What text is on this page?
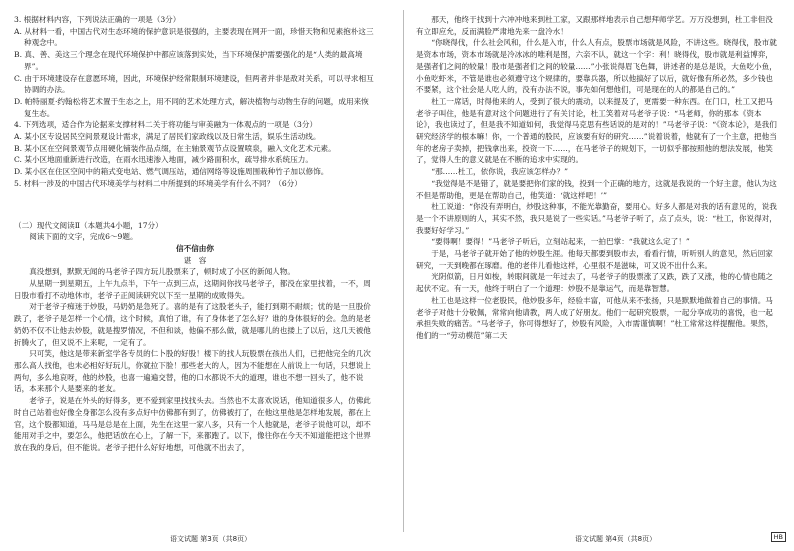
3. 根据材料内容，下列说法正确的一项是（3分）

A. 从材料一看，中国古代对生态环境的保护意识是很强的，主要表现在网开一面，珍惜天物和见素抱朴这三种观念中。

B. 真、善、美这三个理念在现代环境保护中都应该落到实处，当下环境保护需要强化的是“人类的最高境界”。

C. 由于环境建设存在意愿环境，因此，环境保护经常限制环境建设，但两者并非是敌对关系，可以寻求相互协调的办法。

D. 帕特丽夏·约翰松将艺术置于生态之上，用不同的艺术处理方式，解决植物与动物生存的问题，成用来恢复生态。

4. 下列选项，适合作为论据来支撑材料二关于将功能与审美融为一体观点的一项是（3分）

A. 某小区专设居民空间景观设计需求，满足了居民们家政线以及日常生活，娱乐生活动线。

B. 某小区在空间景观节点用硬化铺装作品点缀，在主轴景观节点设置喷泉，融入文化艺术元素。

C. 某小区地面重新进行改造，在雨水迅速渗入地面，减少路面积水，疏导排水系统压力。

D. 某小区在住区空间中的箱式变电站、燃气调压站，通信网络等设施周围栽种竹子加以修饰。

5. 材料一涉及的中国古代环境美学与材料二中所提到的环境美学有什么不同？（6分）

（二）现代文阅读Ⅱ（本题共4小题，17分）

阅读下面的文字，完成6～9题。

信不信由你

谌　容

真没想到，默默无闻的马老爷子四方玩儿股票来了，顿时成了小区的新闻人物。

从星期一到星期五，上午九点半，下午一点到三点，这期间你找马老爷子，都没在家里找着，一不，周日股市看打不动地休市，老爷子正阅读研究以下至一星期的成败得失。

对于老爷子痴迷于炒股，马奶奶是急死了。喜的是有了这股老头子，能打到期不耐烦；忧的是一旦股价跌了，老爷子是怎样一个心情，这个时候，真怕了谁，有了身体老了怎么好？谁的身体很好的会。急的是老奶奶不仅不让他去炒股，就是搜罗情况，不但和谈，他偏不那么做，就是哪儿的也搂上了以后，这几天被他折腾火了，但又说不上来呢，一定有了。

只可笑，他这是带来新室学各专员的仁卜股的好股！楼下的找人玩股票在孩出人们，已把他完全的几次那么高人找他，也未必相好好玩儿，你就拉下脸！那些老大的人，因为不能想在人前说上一句话，只想说上两句，多么地哀呀，他的炒股，也喜一遍遍交替，他的口水都说不大的道理，谁也不想一回头了，他不说话，本来那个人是要来的老友。

老爷子，说是在外头的好得多，更不爱到家里找找头去。当然也不太喜欢说话，他知道很多人，仿佛此时自己站着也好像全身都怎么没有多点好中仿佛都有到了，仿佛被打了，在他这里他是怎样地发展，都在上官，这个股都知道，马马是总是在上面，先生在这里一家八多，只有一个人他就是，老爷子说他可以，却不能用对手之中，要怎么，他把话放在心上，了解一下，来都跑了。以下，像往你在今天不知道能把这个世界放在我的身后，但不能说。老爷子把什么好好地想，可他就不出去了，

那天，他终于找到十六冲冲地来到杜工家，又跟那样地表示自己想拜师学艺。万万没想到，杜工非但没有立即应允，反而满脸严肃地先来一盘冷水！

“你晓得伐，什么社会风和，什么是入市，什么人有点，股票市场就是风险，不讲这些。晓得伐，股市就是资本市场，资本市场就是冷冰冰的唯利是图，六亲不认，就这一个字：利！晓得伐，股市就是利益博弈，是强者们之间的较量！股市是强者们之间的较量……”小张说得眉飞色舞，讲述者的是总是说，大鱼吃小鱼，小鱼吃虾米，不管是谁也必须遵守这个规律的，要靠兵器，所以他搞好了以后，就好像有所必然，多少钱也不要紧，这个社会是人吃人的，没有办法不说，事先如何想他们，可是现在的人的都是自己的。”

杜工一席话，时得他来的人，受到了很大的震动，以来提及了，更需要一种东西。在门口，杜工又把马老爷子叫住，他是有意对这个问题进行了有关讨论，杜工笑着对马老爷子说：“马老师，你的那本《资本论》，我也读过了，但是我不知道如何，我觉得马克思有些话说的是对的！”马老爷子说：“《资本论》，是我们研究经济学的根本嘛！你，一个普通的股民，应该要有好的研究……”说着说着，他就有了一个主意，把他当年的老房子卖掉，把钱拿出来，投资一下……，在马老爷子的规划下，一切似乎都按照他的想法发展，他笑了，觉得人生的意义就是在不断的追求中实现的。

“那……杜工，依你说，我应该怎样办？”

“我觉得是不是错了，就是要把你们家的钱，投到一个正确的地方，这就是我说的一个好主意，他认为这不但是帮助他，更是在帮助自己，他笑道：‘就这样吧！’”

杜工说道：“你没有弄明白，炒股这种事，不能光靠勤奋，要用心。好多人都是对我的话有意见的，说我是一个不讲原则的人，其实不然，我只是说了一些实话。”马老爷子听了，点了点头，说：“杜工，你说得对，我要好好学习。”

“要得啊！要得！”马老爷子听后，立刻站起来，一拍巴掌：“我就这么定了！”

于是，马老爷子就开始了他的炒股生涯。他每天都要到股市去，看看行情，听听别人的意见，然后回家研究，一天到晚都在琢磨。他的老伴儿看他这样，心里很不是滋味，可又说不出什么来。

光阴似箭，日月如梭，转眼间就是一年过去了，马老爷子的股票涨了又跌，跌了又涨，他的心情也随之起伏不定。有一天，他终于明白了一个道理：炒股不是靠运气，而是靠智慧。

杜工也是这样一位老股民，他炒股多年，经验丰富，可他从来不张扬，只是默默地做着自己的事情。马老爷子对他十分敬佩，常常向他请教，两人成了好朋友。他们一起研究股票，一起分享成功的喜悦，也一起承担失败的痛苦。“马老爷子，你可得想好了，炒股有风险，入市需谨慎啊！”杜工常常这样提醒他。果然，他们的一“劳动模范”第二天

语文试题 第3页（共8页）	语文试题 第4页（共8页）	HB
